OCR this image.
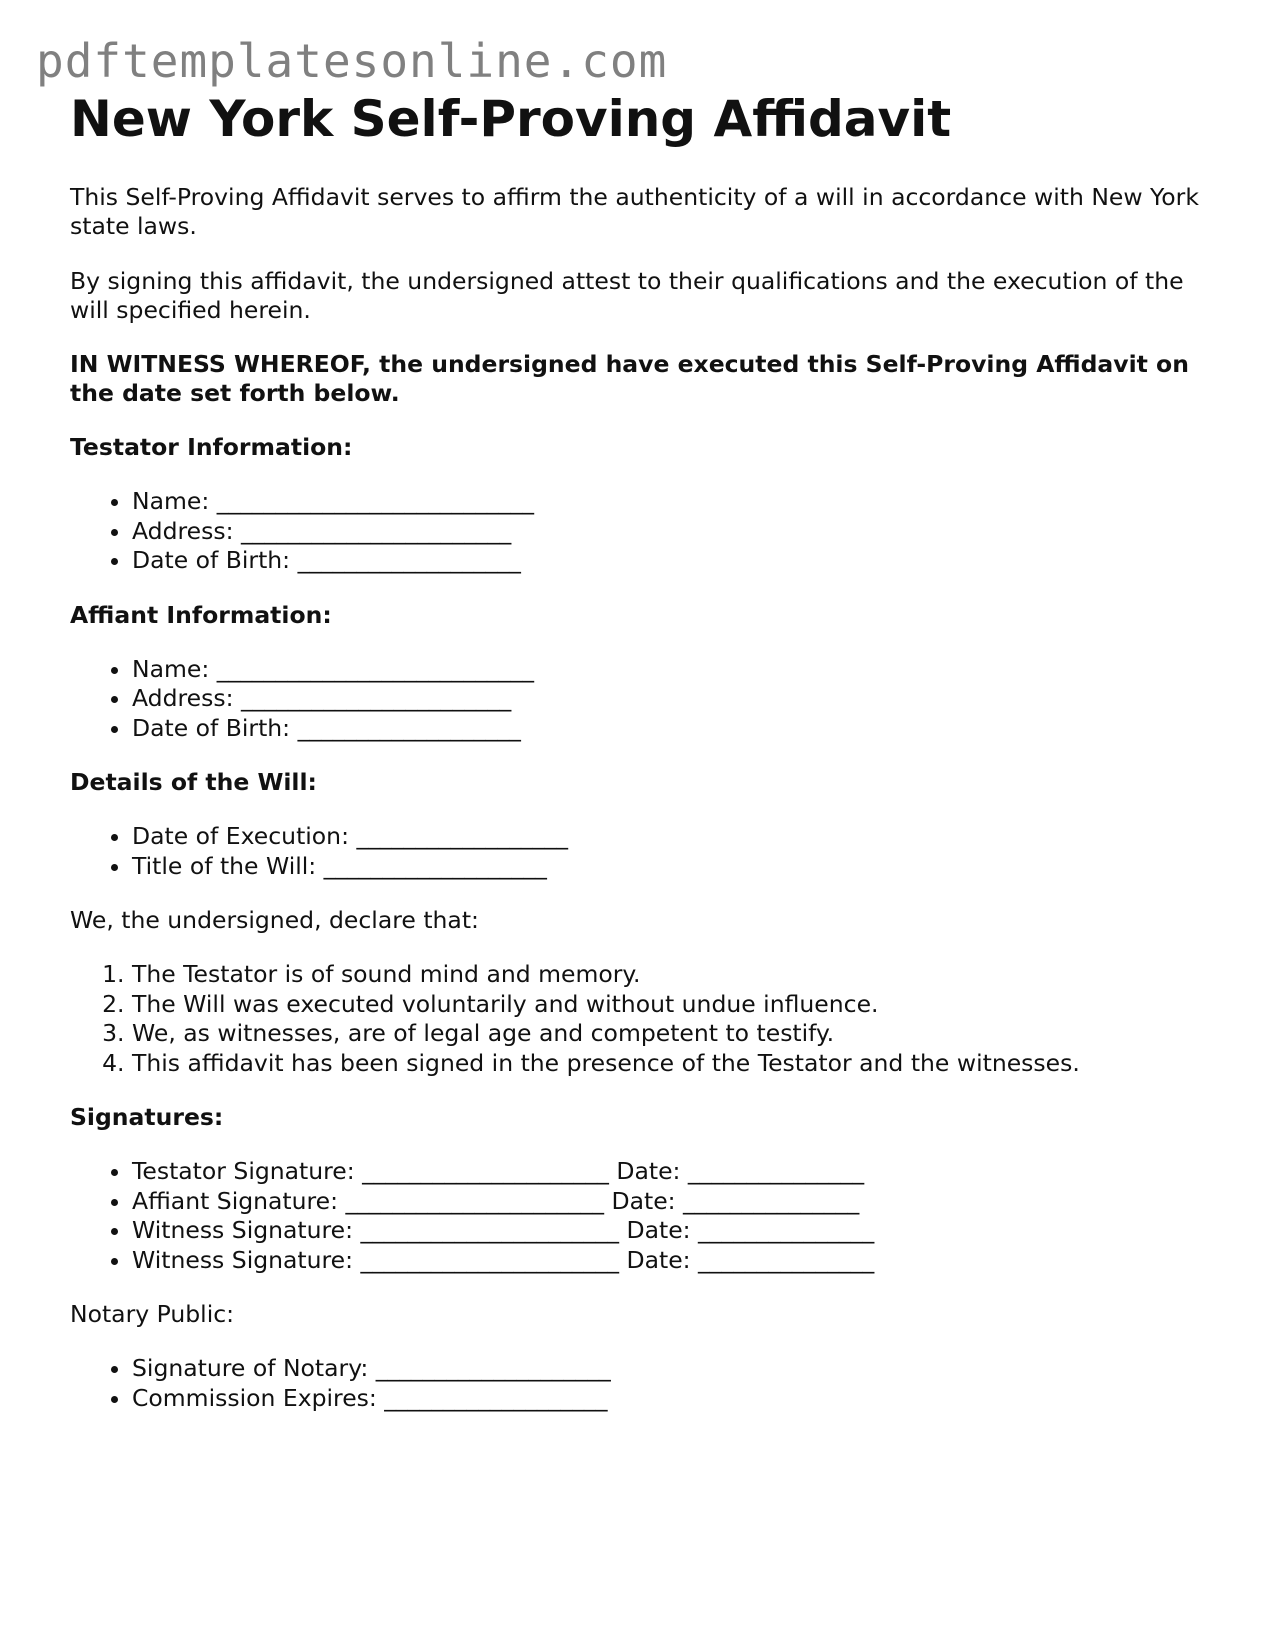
pdftemplatesonline.com
New York Self-Proving Affidavit

This Self-Proving Affidavit serves to affirm the authenticity of a will in accordance with New York state laws.

By signing this affidavit, the undersigned attest to their qualifications and the execution of the will specified herein.

IN WITNESS WHEREOF, the undersigned have executed this Self-Proving Affidavit on the date set forth below.

Testator Information:

• Name: ___________________________
• Address: _______________________
• Date of Birth: ___________________

Affiant Information:

• Name: ___________________________
• Address: _______________________
• Date of Birth: ___________________

Details of the Will:

• Date of Execution: __________________
• Title of the Will: ___________________

We, the undersigned, declare that:

1. The Testator is of sound mind and memory.
2. The Will was executed voluntarily and without undue influence.
3. We, as witnesses, are of legal age and competent to testify.
4. This affidavit has been signed in the presence of the Testator and the witnesses.

Signatures:

• Testator Signature: _____________________ Date: _______________
• Affiant Signature: ______________________ Date: _______________
• Witness Signature: ______________________ Date: _______________
• Witness Signature: ______________________ Date: _______________

Notary Public:

• Signature of Notary: ____________________
• Commission Expires: ___________________
